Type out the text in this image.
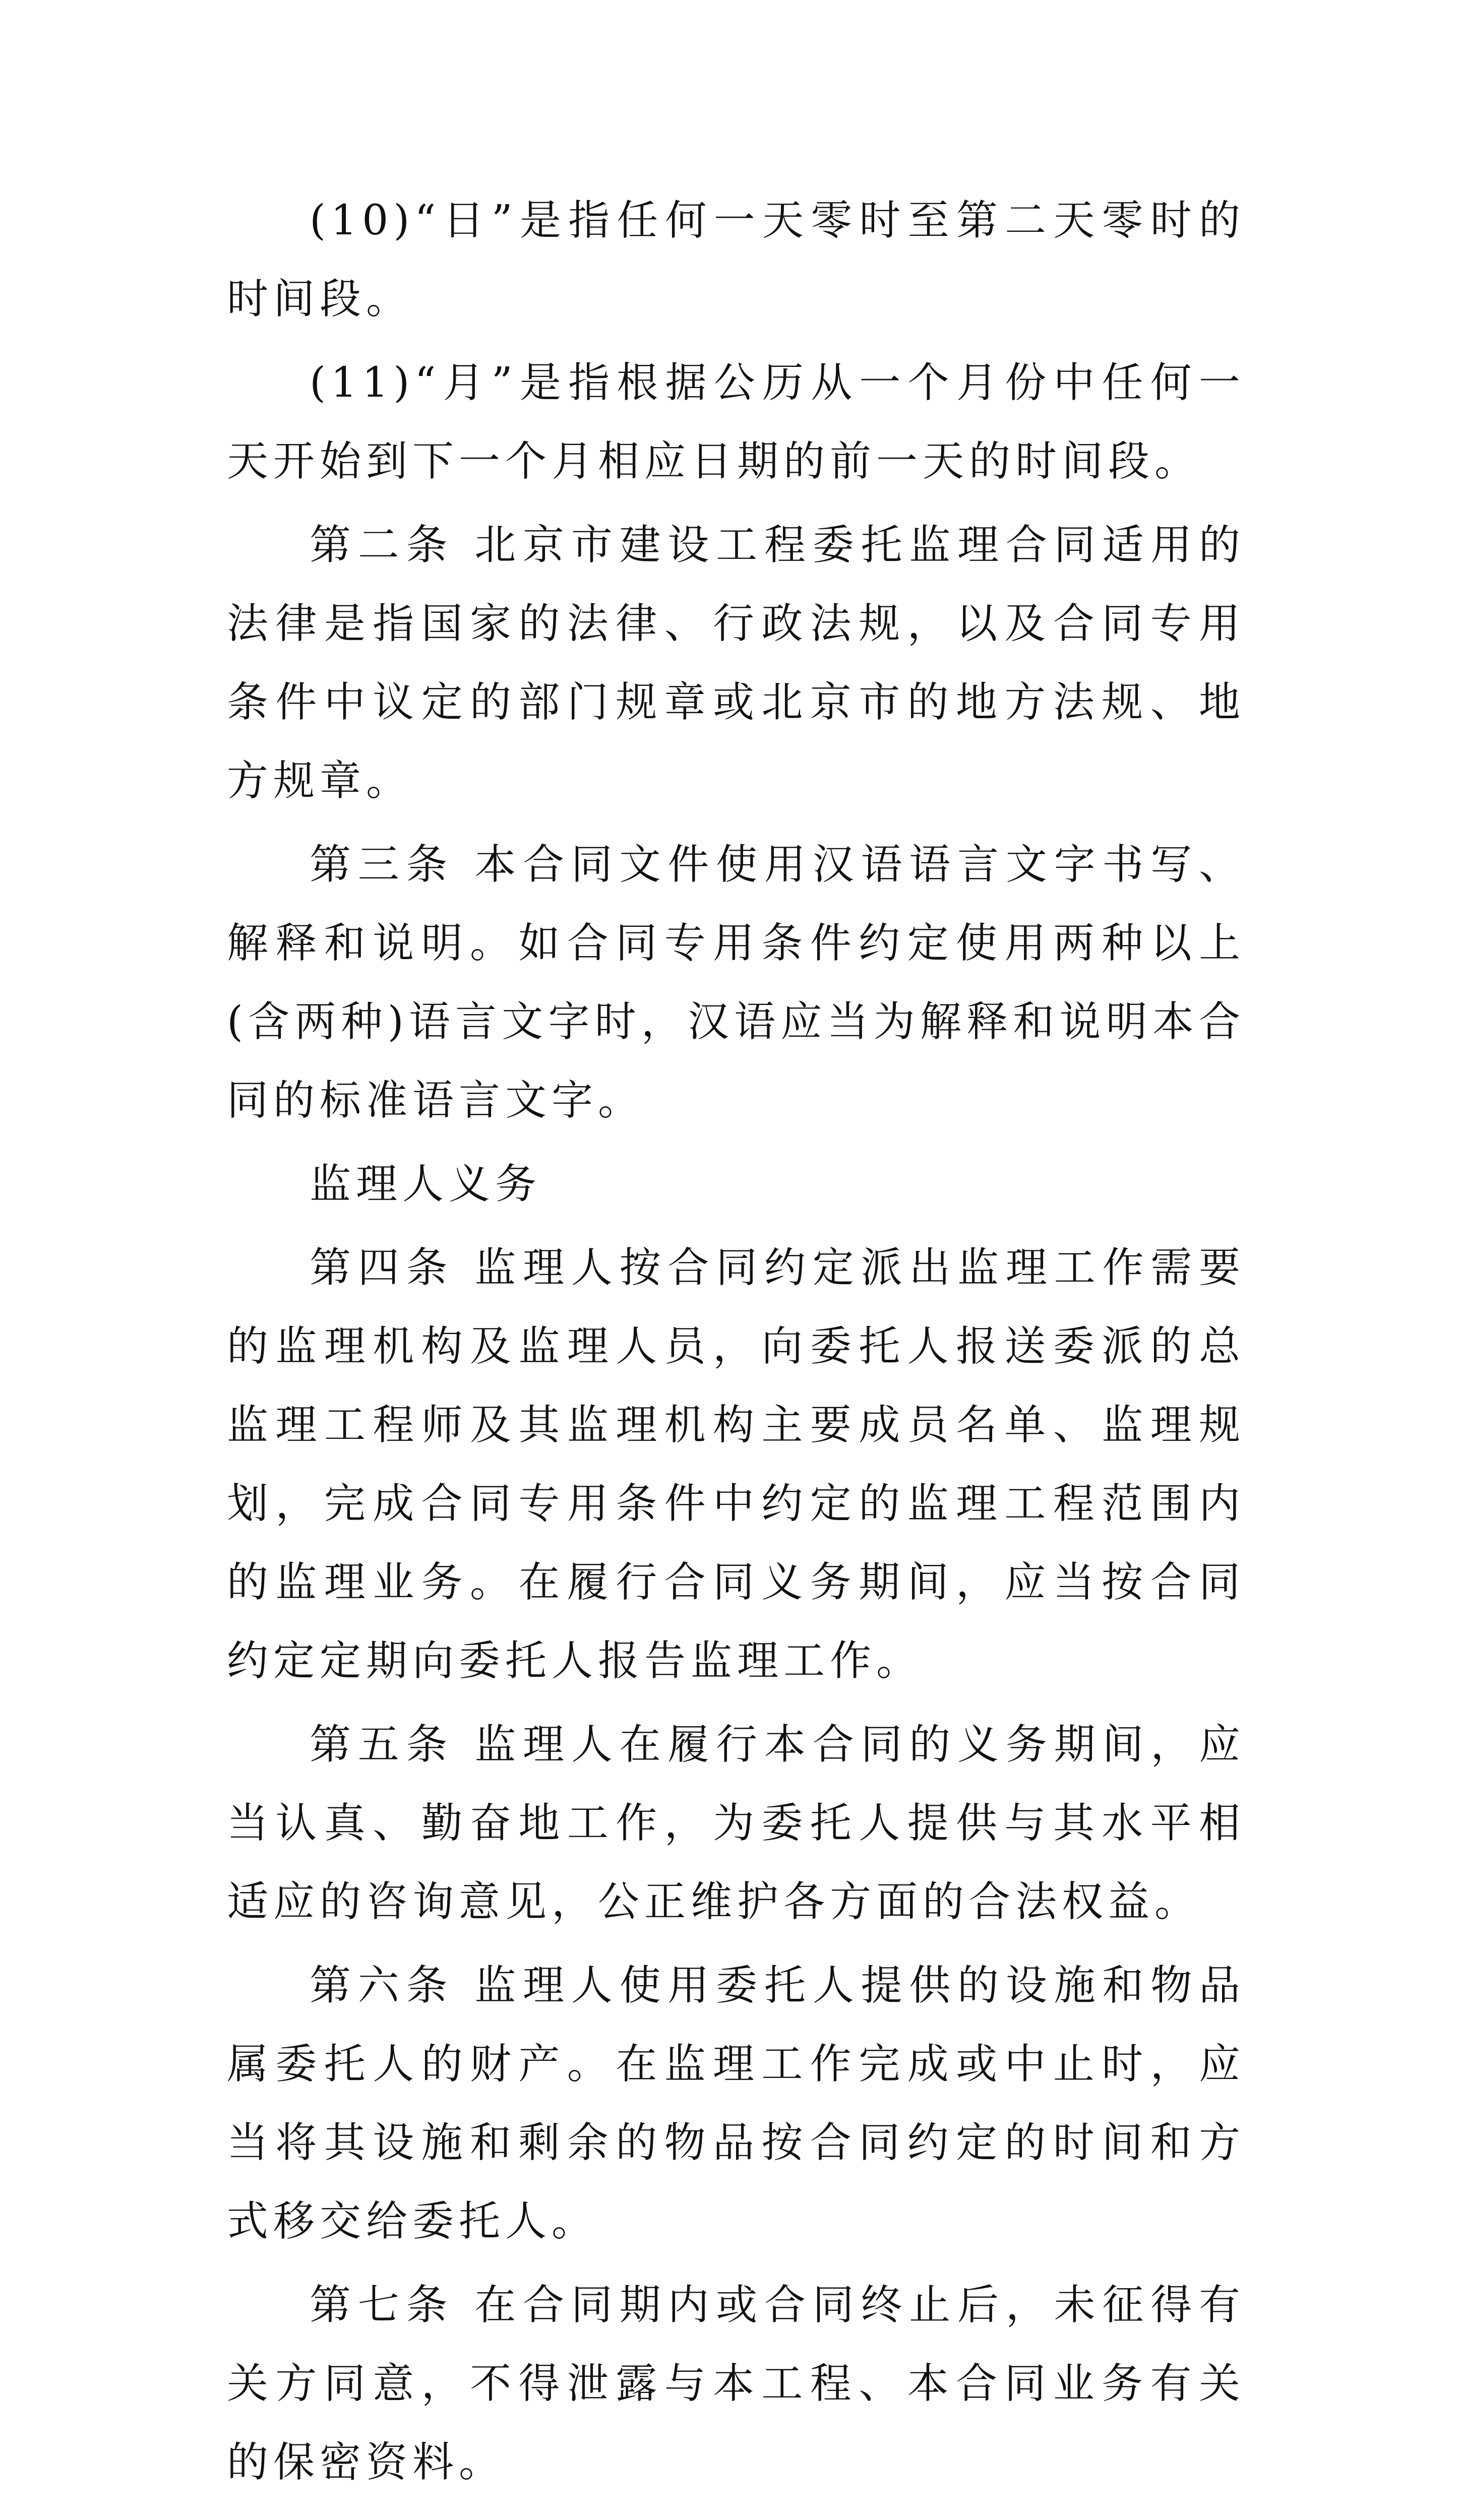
(10)“日”是指任何一天零时至第二天零时的时间段。

(11)“月”是指根据公历从一个月份中任何一天开始到下一个月相应日期的前一天的时间段。

第二条 北京市建设工程委托监理合同适用的法律是指国家的法律、行政法规，以及合同专用条件中议定的部门规章或北京市的地方法规、地方规章。

第三条 本合同文件使用汉语语言文字书写、解释和说明。如合同专用条件约定使用两种以上(含两种)语言文字时，汉语应当为解释和说明本合同的标准语言文字。

监理人义务

第四条 监理人按合同约定派出监理工作需要的监理机构及监理人员，向委托人报送委派的总监理工程师及其监理机构主要成员名单、监理规划，完成合同专用条件中约定的监理工程范围内的监理业务。在履行合同义务期间，应当按合同约定定期向委托人报告监理工作。

第五条 监理人在履行本合同的义务期间，应当认真、勤奋地工作，为委托人提供与其水平相适应的咨询意见，公正维护各方面的合法权益。

第六条 监理人使用委托人提供的设施和物品属委托人的财产。在监理工作完成或中止时，应当将其设施和剩余的物品按合同约定的时间和方式移交给委托人。

第七条 在合同期内或合同终止后，未征得有关方同意，不得泄露与本工程、本合同业务有关的保密资料。
